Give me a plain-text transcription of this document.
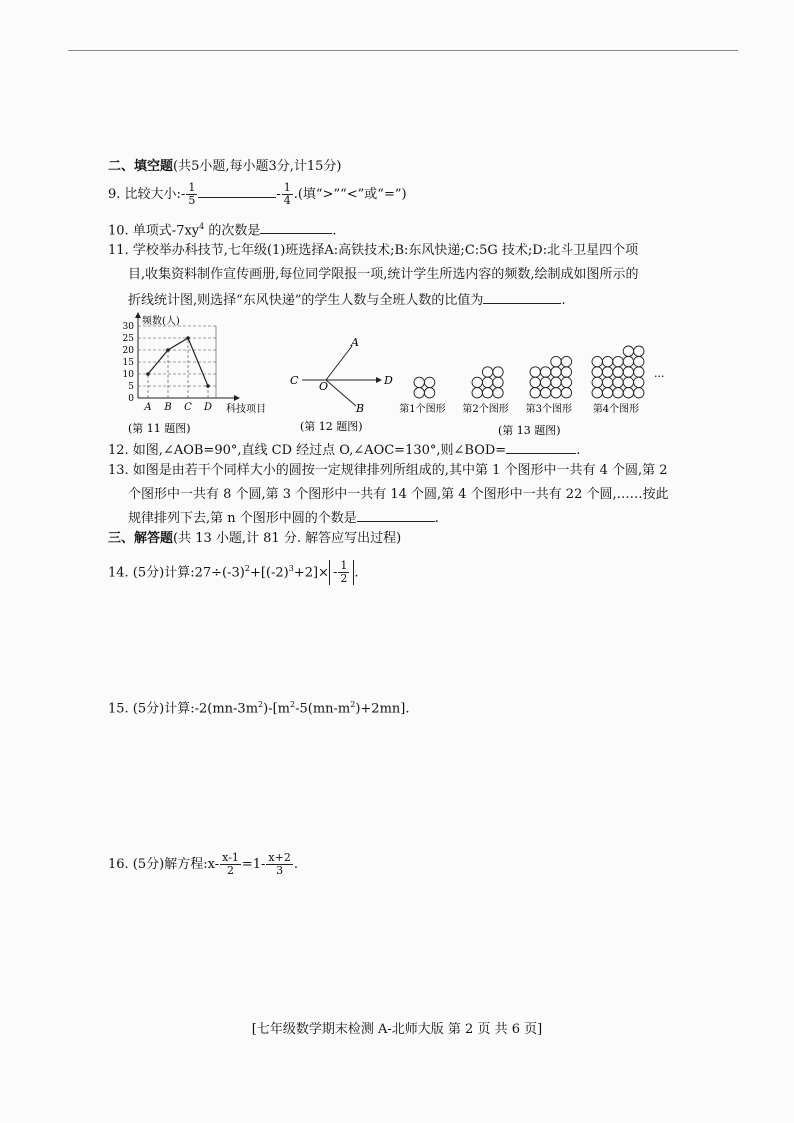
二、填空题(共5小题,每小题3分,计15分)
9. 比较大小:- $\frac{1}{5}$	- $\frac{1}{4}$ .(填“>”“<”或“=”)
10. 单项式$-7xy^4$ 的次数是	.
11. 学校举办科技节,七年级(1)班选择A:高铁技术;B:东风快递;C:5G 技术;D:北斗卫星四个项
目,收集资料制作宣传画册,每位同学限报一项,统计学生所选内容的频数,绘制成如图所示的
折线统计图,则选择“东风快递”的学生人数与全班人数的比值为	.
0
5
10
15
20
25
30
A B C D
频数(人)
科技项目
(第 11 题图)
C	D
A
B
O
(第 12 题图)
第1个图形 第2个图形 第3个图形 第4个图形
···
(第 13 题图)
12. 如图,∠AOB=90°,直线 CD 经过点 O,∠AOC=130°,则∠BOD=	.
13. 如图是由若干个同样大小的圆按一定规律排列所组成的,其中第 1 个图形中一共有 4 个圆,第 2
个图形中一共有 8 个圆,第 3 个图形中一共有 14 个圆,第 4 个图形中一共有 22 个圆,……按此
规律排列下去,第 n 个图形中圆的个数是	.
三、解答题(共 13 小题,计 81 分. 解答应写出过程)
14. (5分)计算$:27\div(-3)^2+[(-2)^3+2]\times - \frac{1}{2}$ .
15. (5分)计算$:-2(mn-3m^2)-[m^2-5(mn-m^2)+2mn]$.
16. (5分)解方程:x- $\frac{x-1}{2} =1- \frac{x+2}{3}$ .
[七年级数学期末检测 A-北师大版 第 2 页 共 6 页]
